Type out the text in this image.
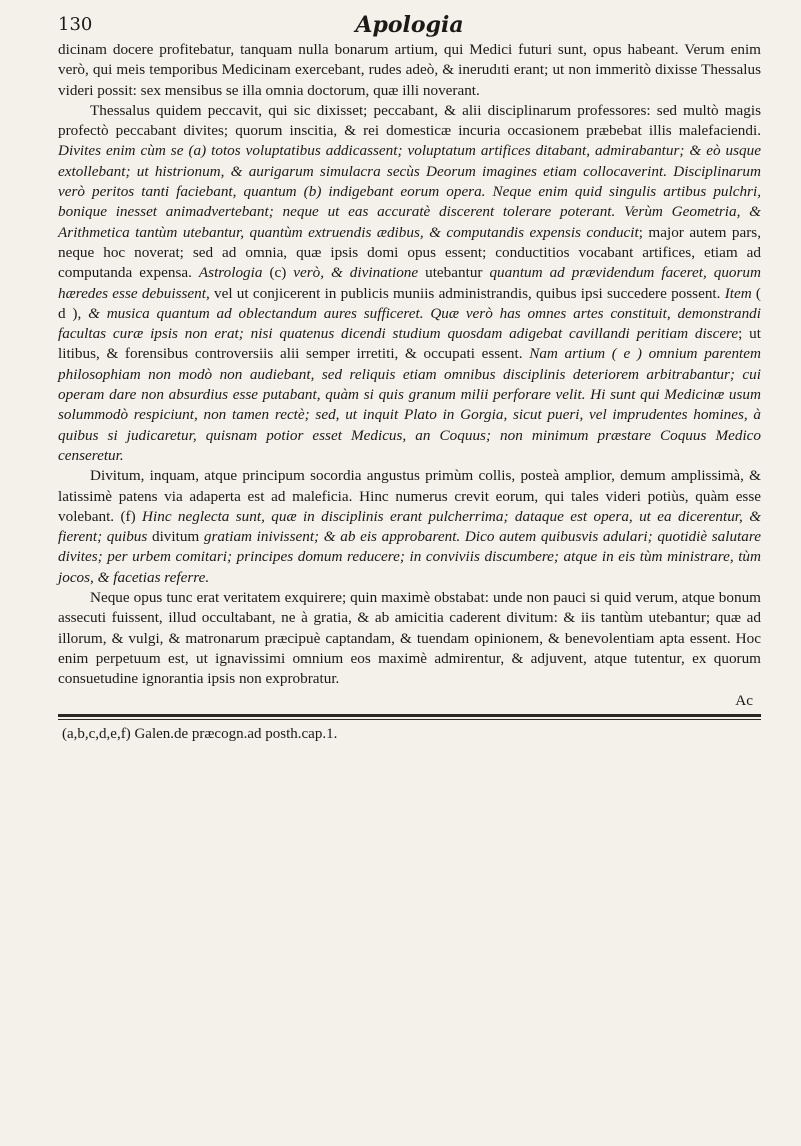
130	Apologia

dicinam docere profitebatur, tanquam nulla bonarum artium, qui Medici futuri sunt, opus habeant. Verum enim verò, qui meis temporibus Medicinam exercebant, rudes adeò, & inerudıti erant; ut non immeritò dixisse Thessalus videri possit: sex mensibus se illa omnia doctorum, quæ illi noverant.

Thessalus quidem peccavit, qui sic dixisset; peccabant, & alii disciplinarum professores: sed multò magis profectò peccabant divites; quorum inscitia, & rei domesticæ incuria occasionem præbebat illis malefaciendi. Divites enim cùm se (a) totos voluptatibus addicassent; voluptatum artifices ditabant, admirabantur; & eò usque extollebant; ut histrionum, & aurigarum simulacra secùs Deorum imagines etiam collocaverint. Disciplinarum verò peritos tanti faciebant, quantum (b) indigebant eorum opera. Neque enim quid singulis artibus pulchri, bonique inesset animadvertebant; neque ut eas accuratè discerent tolerare poterant. Verùm Geometria, & Arithmetica tantùm utebantur, quantùm extruendis ædibus, & computandis expensis conducit; major autem pars, neque hoc noverat; sed ad omnia, quæ ipsis domi opus essent; conductitios vocabant artifices, etiam ad computanda expensa. Astrologia (c) verò, & divinatione utebantur quantum ad prævidendum faceret, quorum hæredes esse debuissent, vel ut conjicerent in publicis muniis administrandis, quibus ipsi succedere possent. Item ( d ), & musica quantum ad oblectandum aures sufficeret. Quæ verò has omnes artes constituit, demonstrandi facultas curæ ipsis non erat; nisi quatenus dicendi studium quosdam adigebat cavillandi peritiam discere; ut litibus, & forensibus controversiis alii semper irretiti, & occupati essent. Nam artium ( e ) omnium parentem philosophiam non modò non audiebant, sed reliquis etiam omnibus disciplinis deteriorem arbitrabantur; cui operam dare non absurdius esse putabant, quàm si quis granum milii perforare velit. Hi sunt qui Medicinæ usum solummodò respiciunt, non tamen rectè; sed, ut inquit Plato in Gorgia, sicut pueri, vel imprudentes homines, à quibus si judicaretur, quisnam potior esset Medicus, an Coquus; non minimum præstare Coquus Medico censeretur.

Divitum, inquam, atque principum socordia angustus primùm collis, posteà amplior, demum amplissimà, & latissimè patens via adaperta est ad maleficia. Hinc numerus crevit eorum, qui tales videri potiùs, quàm esse volebant. (f) Hinc neglecta sunt, quæ in disciplinis erant pulcherrima; dataque est opera, ut ea dicerentur, & fierent; quibus divitum gratiam inivissent; & ab eis approbarent. Dico autem quibusvis adulari; quotidiè salutare divites; per urbem comitari; principes domum reducere; in conviviis discumbere; atque in eis tùm ministrare, tùm jocos, & facetias referre.

Neque opus tunc erat veritatem exquirere; quin maximè obstabat: unde non pauci si quid verum, atque bonum assecuti fuissent, illud occultabant, ne à gratia, & ab amicitia caderent divitum: & iis tantùm utebantur; quæ ad illorum, & vulgi, & matronarum præcipuè captandam, & tuendam opinionem, & benevolentiam apta essent. Hoc enim perpetuum est, ut ignavissimi omnium eos maximè admirentur, & adjuvent, atque tutentur, ex quorum consuetudine ignorantia ipsis non exprobratur.

Ac
(a,b,c,d,e,f) Galen.de præcogn.ad posth.cap.1.
